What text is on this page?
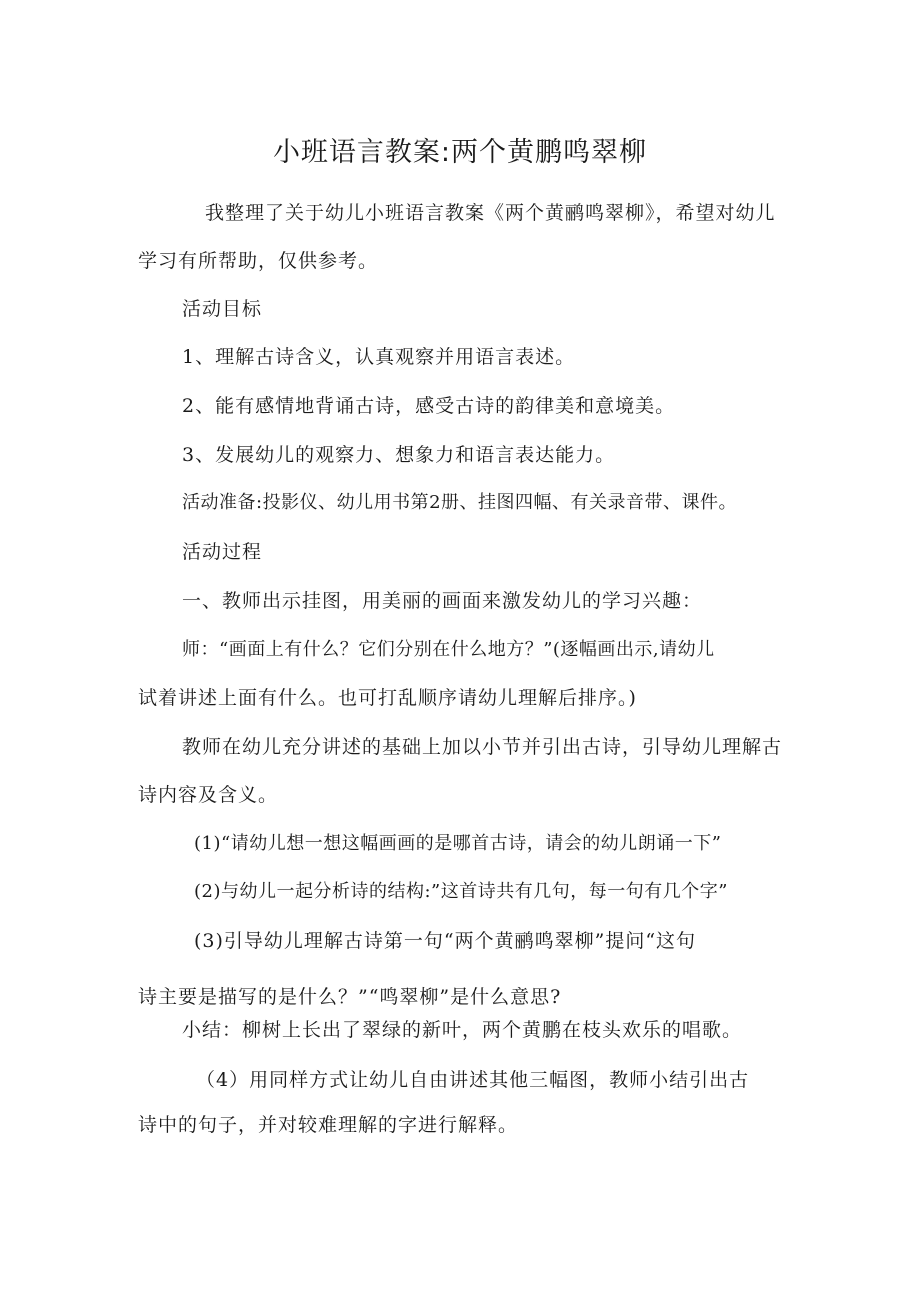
小班语言教案:两个黄鹏鸣翠柳
我整理了关于幼儿小班语言教案《两个黄鹂鸣翠柳》，希望对幼儿
学习有所帮助，仅供参考。
活动目标
1、理解古诗含义，认真观察并用语言表述。
2、能有感情地背诵古诗，感受古诗的韵律美和意境美。
3、发展幼儿的观察力、想象力和语言表达能力。
活动准备:投影仪、幼儿用书第2册、挂图四幅、有关录音带、课件。
活动过程
一、教师出示挂图，用美丽的画面来激发幼儿的学习兴趣：
师：“画面上有什么？它们分别在什么地方？”(逐幅画出示,请幼儿
试着讲述上面有什么。也可打乱顺序请幼儿理解后排序。)
教师在幼儿充分讲述的基础上加以小节并引出古诗，引导幼儿理解古
诗内容及含义。
(1)“请幼儿想一想这幅画画的是哪首古诗，请会的幼儿朗诵一下”
(2)与幼儿一起分析诗的结构:”这首诗共有几句，每一句有几个字”
(3)引导幼儿理解古诗第一句“两个黄鹂鸣翠柳”提问“这句
诗主要是描写的是什么？”“鸣翠柳”是什么意思?
小结：柳树上长出了翠绿的新叶，两个黄鹏在枝头欢乐的唱歌。
（4）用同样方式让幼儿自由讲述其他三幅图，教师小结引出古
诗中的句子，并对较难理解的字进行解释。
